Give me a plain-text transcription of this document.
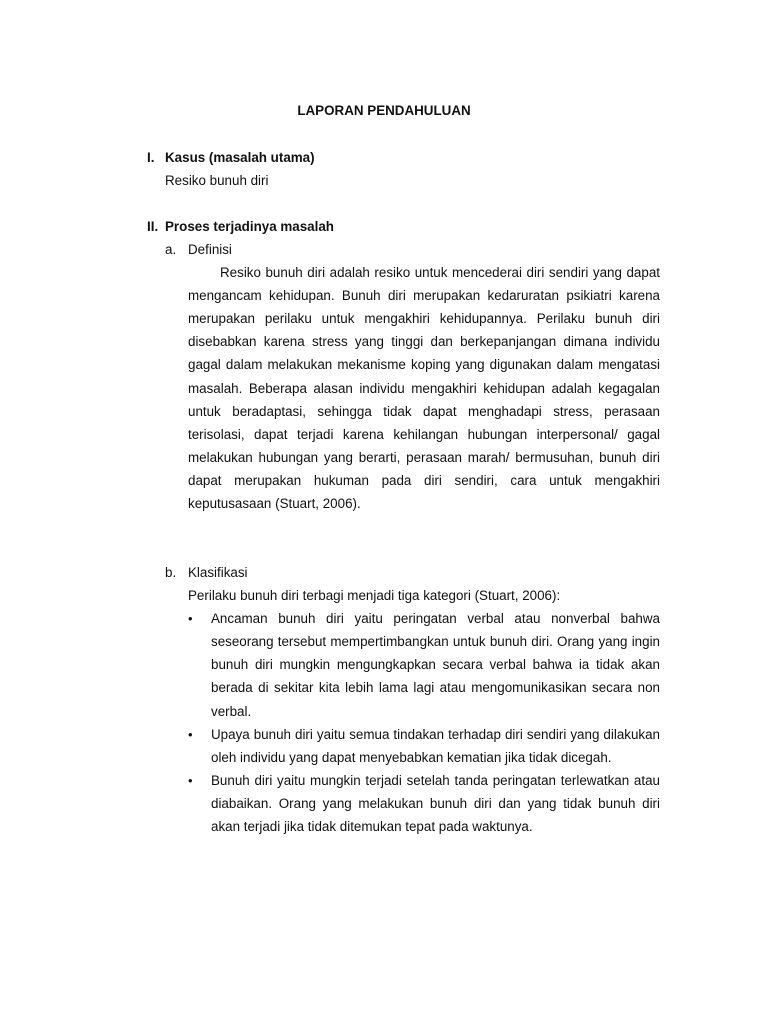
LAPORAN PENDAHULUAN
I. Kasus (masalah utama)
Resiko bunuh diri
II. Proses terjadinya masalah
a. Definisi

Resiko bunuh diri adalah resiko untuk mencederai diri sendiri yang dapat mengancam kehidupan. Bunuh diri merupakan kedaruratan psikiatri karena merupakan perilaku untuk mengakhiri kehidupannya. Perilaku bunuh diri disebabkan karena stress yang tinggi dan berkepanjangan dimana individu gagal dalam melakukan mekanisme koping yang digunakan dalam mengatasi masalah. Beberapa alasan individu mengakhiri kehidupan adalah kegagalan untuk beradaptasi, sehingga tidak dapat menghadapi stress, perasaan terisolasi, dapat terjadi karena kehilangan hubungan interpersonal/ gagal melakukan hubungan yang berarti, perasaan marah/ bermusuhan, bunuh diri dapat merupakan hukuman pada diri sendiri, cara untuk mengakhiri keputusasaan (Stuart, 2006).

b. Klasifikasi
Perilaku bunuh diri terbagi menjadi tiga kategori (Stuart, 2006):
• Ancaman bunuh diri yaitu peringatan verbal atau nonverbal bahwa seseorang tersebut mempertimbangkan untuk bunuh diri. Orang yang ingin bunuh diri mungkin mengungkapkan secara verbal bahwa ia tidak akan berada di sekitar kita lebih lama lagi atau mengomunikasikan secara non verbal.
• Upaya bunuh diri yaitu semua tindakan terhadap diri sendiri yang dilakukan oleh individu yang dapat menyebabkan kematian jika tidak dicegah.
• Bunuh diri yaitu mungkin terjadi setelah tanda peringatan terlewatkan atau diabaikan. Orang yang melakukan bunuh diri dan yang tidak bunuh diri akan terjadi jika tidak ditemukan tepat pada waktunya.
